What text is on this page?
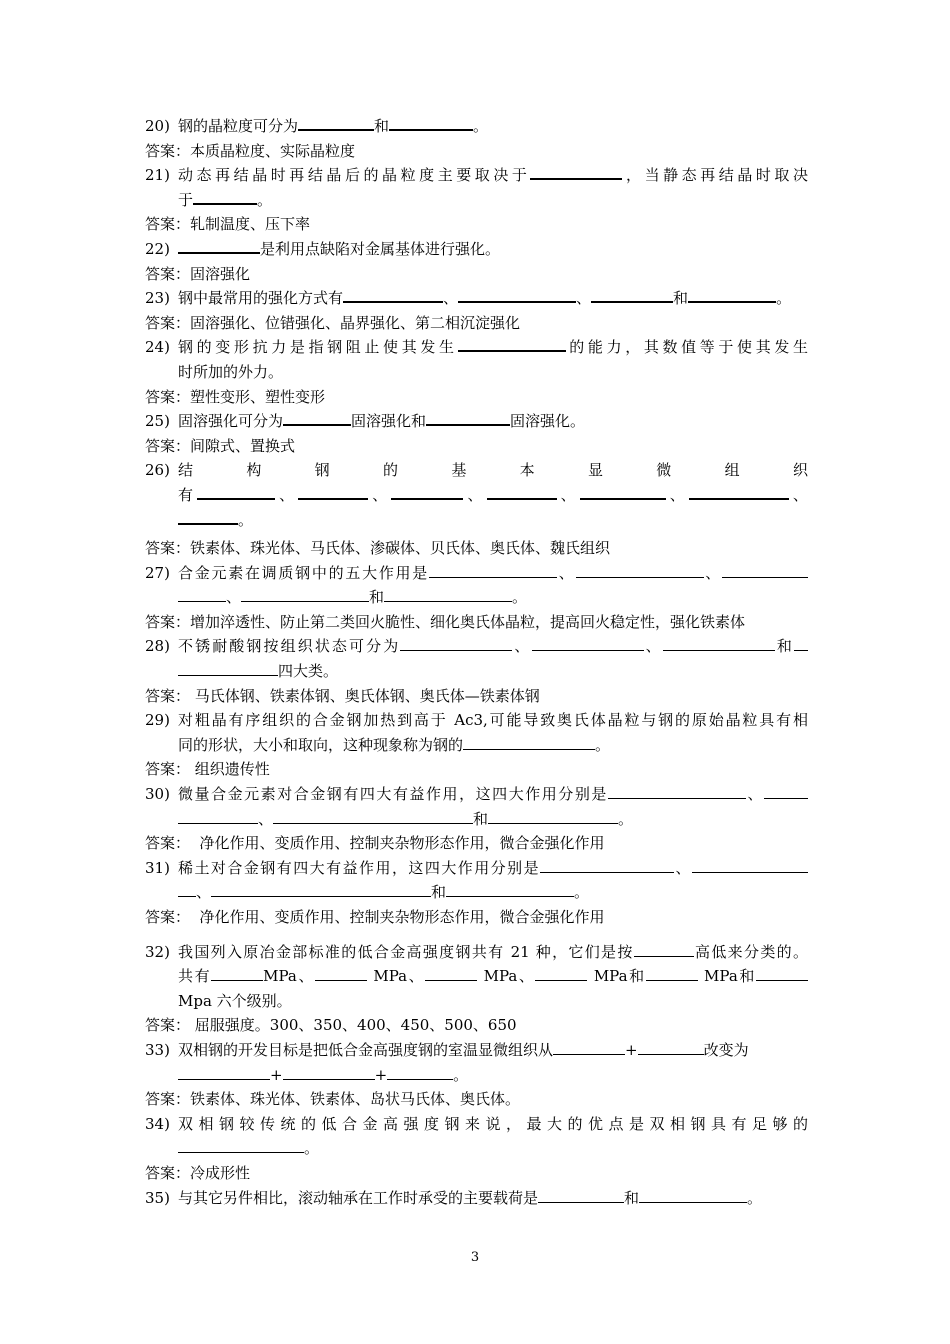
20) 钢的晶粒度可分为	和	。
答案：本质晶粒度、实际晶粒度
21) 动态再结晶时再结晶后的晶粒度主要取决于	，当静态再结晶时取决
于	。
答案：轧制温度、压下率
22)	是利用点缺陷对金属基体进行强化。
答案：固溶强化
23) 钢中最常用的强化方式有	、	、	和	。
答案：固溶强化、位错强化、晶界强化、第二相沉淀强化
24) 钢的变形抗力是指钢阻止使其发生	的能力，其数值等于使其发生
时所加的外力。
答案：塑性变形、塑性变形
25) 固溶强化可分为	固溶强化和	固溶强化。
答案：间隙式、置换式
26) 结	构	钢	的	基	本	显	微	组	织
有	、	、	、	、	、	、
。
答案：铁素体、珠光体、马氏体、渗碳体、贝氏体、奥氏体、魏氏组织
27) 合金元素在调质钢中的五大作用是	、	、
、	和	。
答案：增加淬透性、防止第二类回火脆性、细化奥氏体晶粒，提高回火稳定性，强化铁素体
28) 不锈耐酸钢按组织状态可分为	、	、	和
四大类。
答案： 马氏体钢、铁素体钢、奥氏体钢、奥氏体—铁素体钢
29) 对粗晶有序组织的合金钢加热到高于 Ac3,可能导致奥氏体晶粒与钢的原始晶粒具有相
同的形状，大小和取向，这种现象称为钢的	。
答案： 组织遗传性
30) 微量合金元素对合金钢有四大有益作用，这四大作用分别是	、
、	和	。
答案：  净化作用、变质作用、控制夹杂物形态作用，微合金强化作用
31) 稀土对合金钢有四大有益作用，这四大作用分别是	、
、	和	。
答案：  净化作用、变质作用、控制夹杂物形态作用，微合金强化作用
32) 我国列入原冶金部标准的低合金高强度钢共有 21 种，它们是按	高低来分类的。
共有	MPa、	MPa、	MPa、	MPa和	MPa和
Mpa 六个级别。
答案： 屈服强度。300、350、400、450、500、650
33) 双相钢的开发目标是把低合金高强度钢的室温显微组织从	+	改变为
+	+	。
答案：铁素体、珠光体、铁素体、岛状马氏体、奥氏体。
34) 双相钢较传统的低合金高强度钢来说，最大的优点是双相钢具有足够的
。
答案：冷成形性
35) 与其它另件相比，滚动轴承在工作时承受的主要载荷是	和	。
3
